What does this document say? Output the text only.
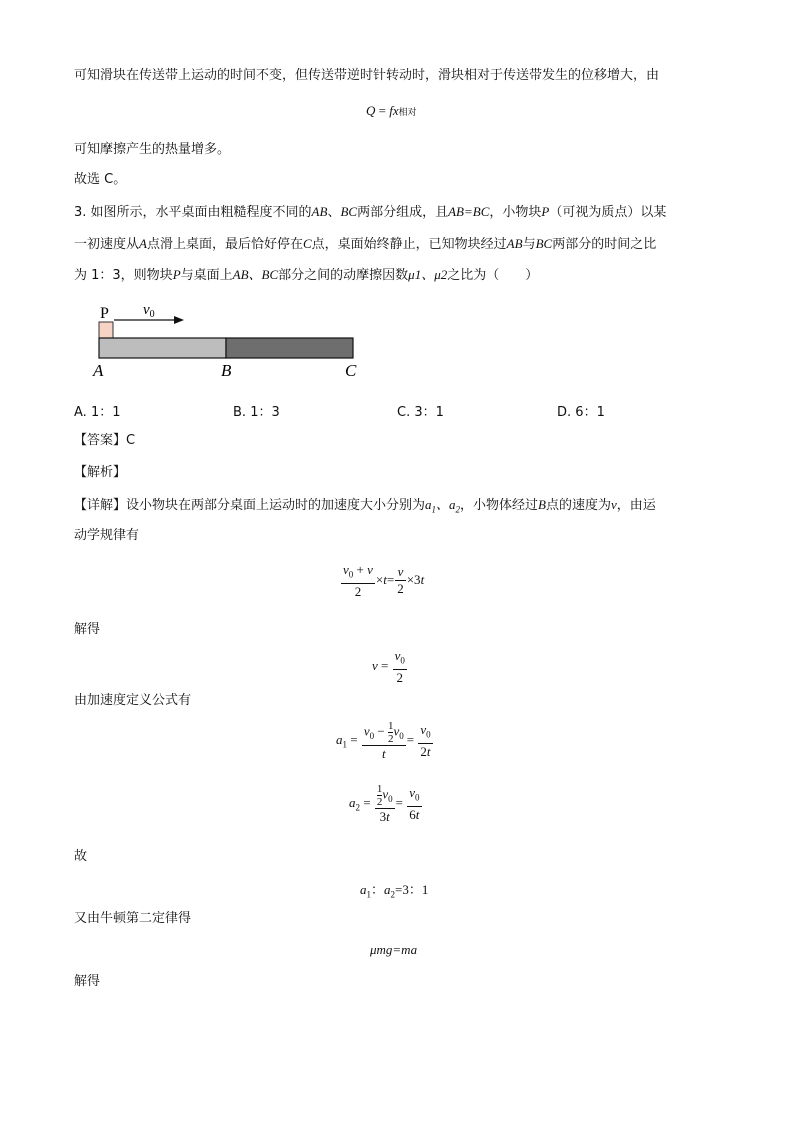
可知滑块在传送带上运动的时间不变，但传送带逆时针转动时，滑块相对于传送带发生的位移增大，由
Q = fx相对
可知摩擦产生的热量增多。
故选 C。
3. 如图所示，水平桌面由粗糙程度不同的AB、BC两部分组成，且AB=BC，小物块P（可视为质点）以某
一初速度从A点滑上桌面，最后恰好停在C点，桌面始终静止，已知物块经过AB与BC两部分的时间之比
为 1：3，则物块P与桌面上AB、BC部分之间的动摩擦因数μ1、μ2之比为（　　）
P $v_0$
A	B	C
A. 1：1	B. 1：3	C. 3：1	D. 6：1
【答案】C
【解析】
【详解】设小物块在两部分桌面上运动时的加速度大小分别为$a_1$、$a_2$，小物体经过B点的速度为v，由运
动学规律有
$\frac{v_0 + v}{2} \times t= \frac{v}{2} \times 3t$
解得
$v = \frac{v_0}{2}$
由加速度定义公式有
$a_1 = \frac{v_0 - \frac{1}{2} v_0}{t} = \frac{v_0}{2t}$
$a_2 = \frac{\frac{1}{2} v_0}{3t} = \frac{v_0}{6t}$
故
$a_1$：$a_2=3$：1
又由牛顿第二定律得
μmg=ma
解得
